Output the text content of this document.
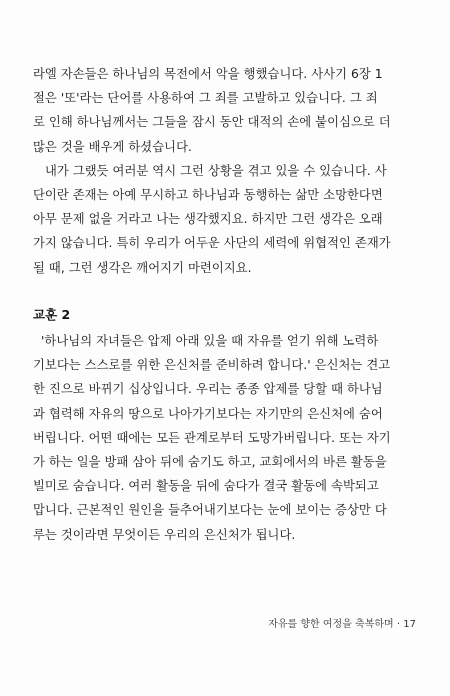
라엘 자손들은 하나님의 목전에서 악을 행했습니다. 사사기 6장 1
절은 '또'라는 단어를 사용하여 그 죄를 고발하고 있습니다. 그 죄
로 인해 하나님께서는 그들을 잠시 동안 대적의 손에 붙이심으로 더
많은 것을 배우게 하셨습니다.
내가 그랬듯 여러분 역시 그런 상황을 겪고 있을 수 있습니다. 사
단이란 존재는 아예 무시하고 하나님과 동행하는 삶만 소망한다면
아무 문제 없을 거라고 나는 생각했지요. 하지만 그런 생각은 오래
가지 않습니다. 특히 우리가 어두운 사단의 세력에 위협적인 존재가
될 때, 그런 생각은 깨어지기 마련이지요.
교훈 2
'하나님의 자녀들은 압제 아래 있을 때 자유를 얻기 위해 노력하
기보다는 스스로를 위한 은신처를 준비하려 합니다.' 은신처는 견고
한 진으로 바뀌기 십상입니다. 우리는 종종 압제를 당할 때 하나님
과 협력해 자유의 땅으로 나아가기보다는 자기만의 은신처에 숨어
버립니다. 어떤 때에는 모든 관계로부터 도망가버립니다. 또는 자기
가 하는 일을 방패 삼아 뒤에 숨기도 하고, 교회에서의 바른 활동을
빌미로 숨습니다. 여러 활동을 뒤에 숨다가 결국 활동에 속박되고
맙니다. 근본적인 원인을 들추어내기보다는 눈에 보이는 증상만 다
루는 것이라면 무엇이든 우리의 은신처가 됩니다.
자유를 향한 여정을 축복하며 · 17
